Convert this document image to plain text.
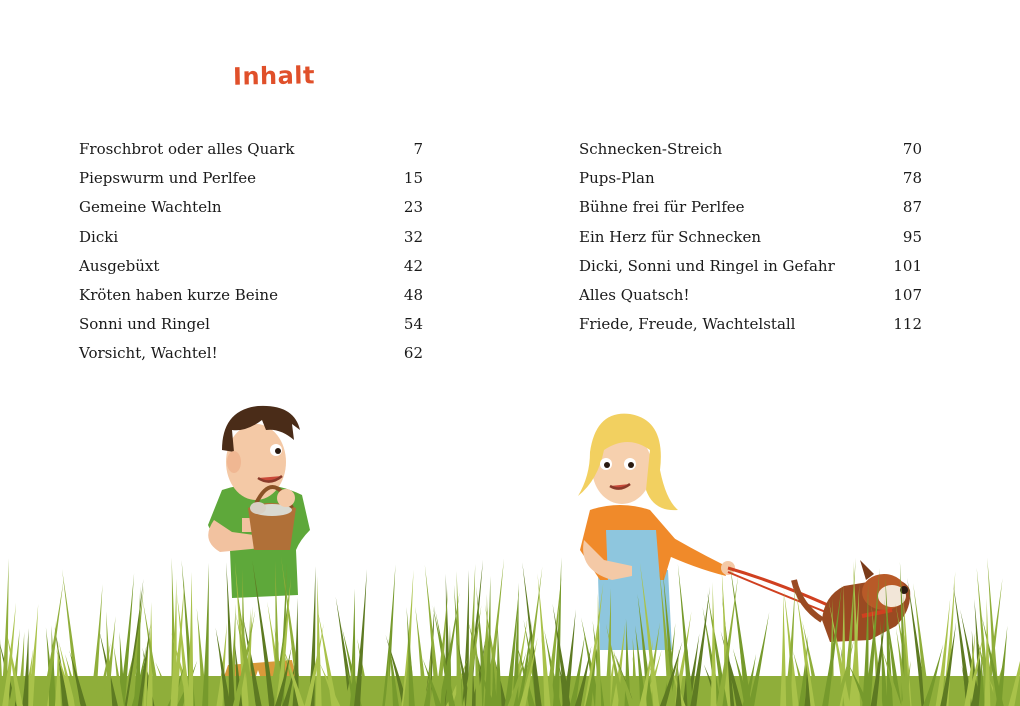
Inhalt
Froschbrot oder alles Quark	7
Piepswurm und Perlfee	15
Gemeine Wachteln	23
Dicki	32
Ausgebüxt	42
Kröten haben kurze Beine	48
Sonni und Ringel	54
Vorsicht, Wachtel!	62
Schnecken-Streich	70
Pups-Plan	78
Bühne frei für Perlfee	87
Ein Herz für Schnecken	95
Dicki, Sonni und Ringel in Gefahr	101
Alles Quatsch!	107
Friede, Freude, Wachtelstall	112
